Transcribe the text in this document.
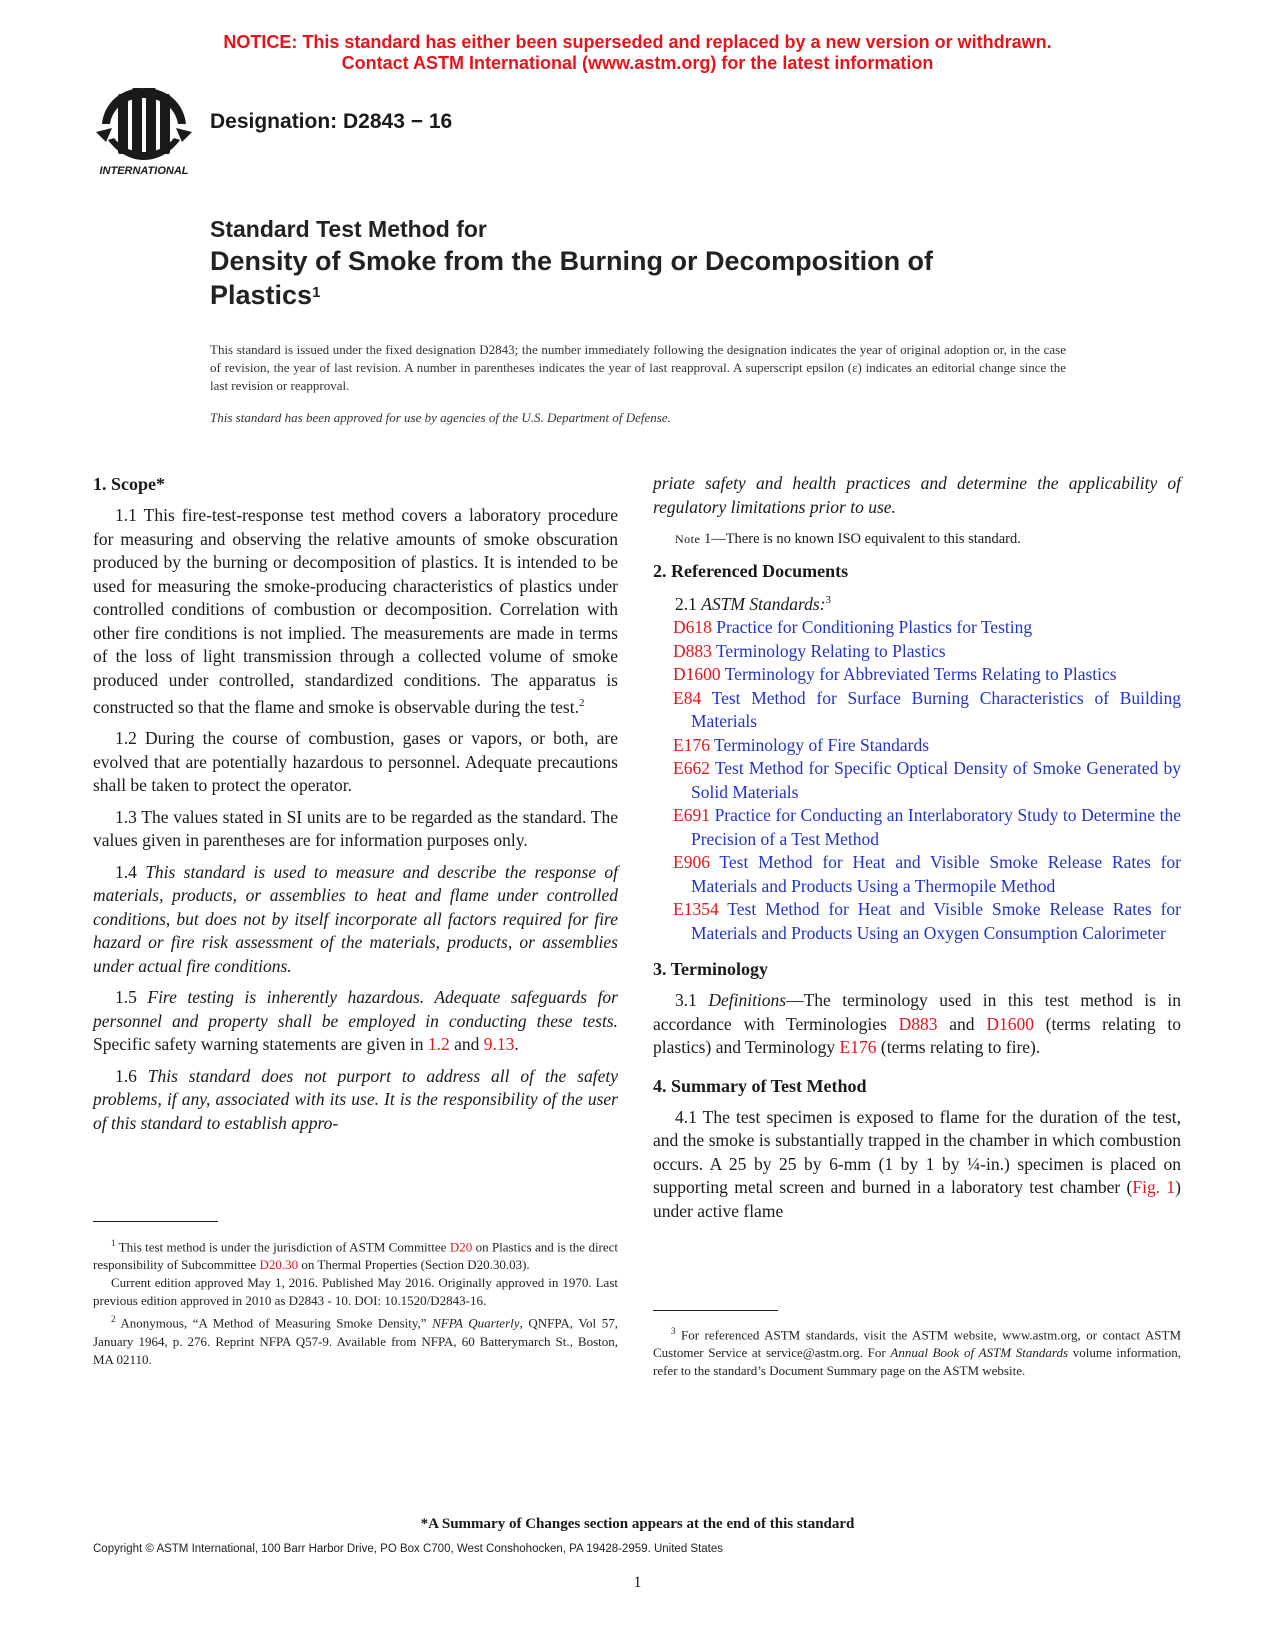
NOTICE: This standard has either been superseded and replaced by a new version or withdrawn.
Contact ASTM International (www.astm.org) for the latest information
INTERNATIONAL
Designation: D2843 − 16
Standard Test Method for
Density of Smoke from the Burning or Decomposition of
Plastics$^1$
This standard is issued under the fixed designation D2843; the number immediately following the designation indicates the year of original adoption or, in the case of revision, the year of last revision. A number in parentheses indicates the year of last reapproval. A superscript epsilon (ε) indicates an editorial change since the last revision or reapproval.
This standard has been approved for use by agencies of the U.S. Department of Defense.
1. Scope*

1.1 This fire-test-response test method covers a laboratory procedure for measuring and observing the relative amounts of smoke obscuration produced by the burning or decomposition of plastics. It is intended to be used for measuring the smoke-producing characteristics of plastics under controlled conditions of combustion or decomposition. Correlation with other fire conditions is not implied. The measurements are made in terms of the loss of light transmission through a collected volume of smoke produced under controlled, standardized conditions. The apparatus is constructed so that the flame and smoke is observable during the test.$^2$

1.2 During the course of combustion, gases or vapors, or both, are evolved that are potentially hazardous to personnel. Adequate precautions shall be taken to protect the operator.

1.3 The values stated in SI units are to be regarded as the standard. The values given in parentheses are for information purposes only.

1.4 This standard is used to measure and describe the response of materials, products, or assemblies to heat and flame under controlled conditions, but does not by itself incorporate all factors required for fire hazard or fire risk assessment of the materials, products, or assemblies under actual fire conditions.

1.5 Fire testing is inherently hazardous. Adequate safeguards for personnel and property shall be employed in conducting these tests. Specific safety warning statements are given in 1.2 and 9.13.

1.6 This standard does not purport to address all of the safety problems, if any, associated with its use. It is the responsibility of the user of this standard to establish appro-

$^1$ This test method is under the jurisdiction of ASTM Committee D20 on Plastics and is the direct responsibility of Subcommittee D20.30 on Thermal Properties (Section D20.30.03).

Current edition approved May 1, 2016. Published May 2016. Originally approved in 1970. Last previous edition approved in 2010 as D2843 - 10. DOI: 10.1520/D2843-16.

$^2$ Anonymous, “A Method of Measuring Smoke Density,” NFPA Quarterly, QNFPA, Vol 57, January 1964, p. 276. Reprint NFPA Q57-9. Available from NFPA, 60 Batterymarch St., Boston, MA 02110.

priate safety and health practices and determine the applicability of regulatory limitations prior to use.

Note 1—There is no known ISO equivalent to this standard.

2. Referenced Documents

2.1 ASTM Standards:$^3$

D618 Practice for Conditioning Plastics for Testing

D883 Terminology Relating to Plastics

D1600 Terminology for Abbreviated Terms Relating to Plastics

E84 Test Method for Surface Burning Characteristics of Building Materials

E176 Terminology of Fire Standards

E662 Test Method for Specific Optical Density of Smoke Generated by Solid Materials

E691 Practice for Conducting an Interlaboratory Study to Determine the Precision of a Test Method

E906 Test Method for Heat and Visible Smoke Release Rates for Materials and Products Using a Thermopile Method

E1354 Test Method for Heat and Visible Smoke Release Rates for Materials and Products Using an Oxygen Consumption Calorimeter

3. Terminology

3.1 Definitions—The terminology used in this test method is in accordance with Terminologies D883 and D1600 (terms relating to plastics) and Terminology E176 (terms relating to fire).

4. Summary of Test Method

4.1 The test specimen is exposed to flame for the duration of the test, and the smoke is substantially trapped in the chamber in which combustion occurs. A 25 by 25 by 6-mm (1 by 1 by ¼-in.) specimen is placed on supporting metal screen and burned in a laboratory test chamber (Fig. 1) under active flame

$^3$ For referenced ASTM standards, visit the ASTM website, www.astm.org, or contact ASTM Customer Service at service@astm.org. For Annual Book of ASTM Standards volume information, refer to the standard’s Document Summary page on the ASTM website.

*A Summary of Changes section appears at the end of this standard
Copyright © ASTM International, 100 Barr Harbor Drive, PO Box C700, West Conshohocken, PA 19428-2959. United States
1
